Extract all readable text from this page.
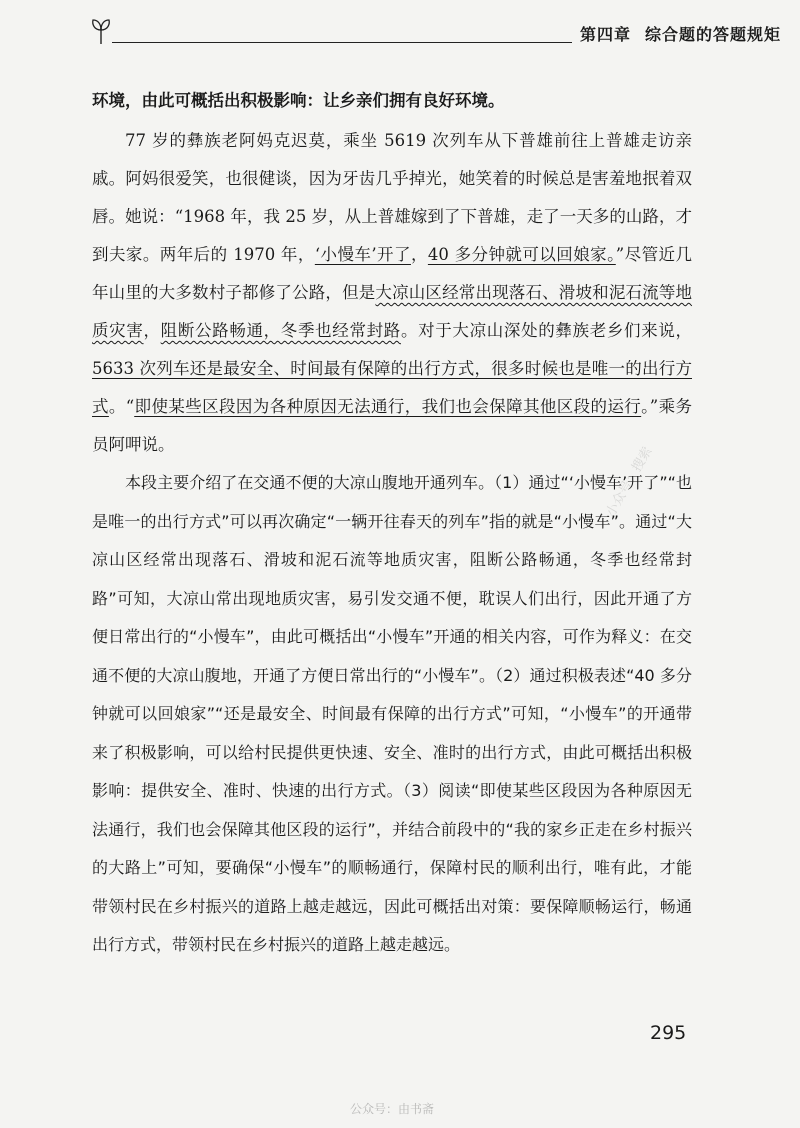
第四章 综合题的答题规矩

环境，由此可概括出积极影响：让乡亲们拥有良好环境。

77 岁的彝族老阿妈克迟莫，乘坐 5619 次列车从下普雄前往上普雄走访亲戚。阿妈很爱笑，也很健谈，因为牙齿几乎掉光，她笑着的时候总是害羞地抿着双唇。她说：“1968 年，我 25 岁，从上普雄嫁到了下普雄，走了一天多的山路，才到夫家。两年后的 1970 年，‘小慢车’开了，40 多分钟就可以回娘家。”尽管近几年山里的大多数村子都修了公路，但是大凉山区经常出现落石、滑坡和泥石流等地质灾害，阻断公路畅通，冬季也经常封路。对于大凉山深处的彝族老乡们来说，5633 次列车还是最安全、时间最有保障的出行方式，很多时候也是唯一的出行方式。“即使某些区段因为各种原因无法通行，我们也会保障其他区段的运行。”乘务员阿呷说。

本段主要介绍了在交通不便的大凉山腹地开通列车。（1）通过“‘小慢车’开了”“也是唯一的出行方式”可以再次确定“一辆开往春天的列车”指的就是“小慢车”。通过“大凉山区经常出现落石、滑坡和泥石流等地质灾害，阻断公路畅通，冬季也经常封路”可知，大凉山常出现地质灾害，易引发交通不便，耽误人们出行，因此开通了方便日常出行的“小慢车”，由此可概括出“小慢车”开通的相关内容，可作为释义：在交通不便的大凉山腹地，开通了方便日常出行的“小慢车”。（2）通过积极表述“40 多分钟就可以回娘家”“还是最安全、时间最有保障的出行方式”可知，“小慢车”的开通带来了积极影响，可以给村民提供更快速、安全、准时的出行方式，由此可概括出积极影响：提供安全、准时、快速的出行方式。（3）阅读“即使某些区段因为各种原因无法通行，我们也会保障其他区段的运行”，并结合前段中的“我的家乡正走在乡村振兴的大路上”可知，要确保“小慢车”的顺畅通行，保障村民的顺利出行，唯有此，才能带领村民在乡村振兴的道路上越走越远，因此可概括出对策：要保障顺畅运行，畅通出行方式，带领村民在乡村振兴的道路上越走越远。

小众号：搜索
295
公众号：由书斋
